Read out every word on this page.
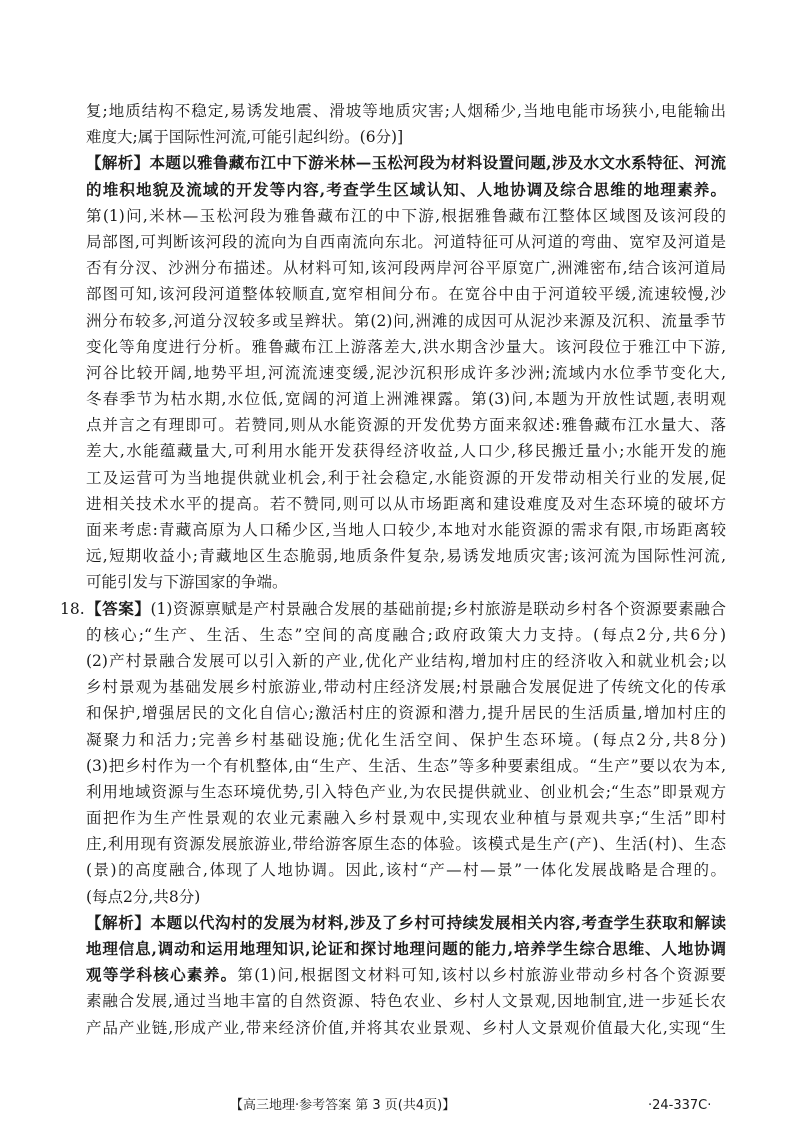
复;地质结构不稳定,易诱发地震、滑坡等地质灾害;人烟稀少,当地电能市场狭小,电能输出
难度大;属于国际性河流,可能引起纠纷。(6分)]
【解析】本题以雅鲁藏布江中下游米林—玉松河段为材料设置问题,涉及水文水系特征、河流
的堆积地貌及流域的开发等内容,考查学生区域认知、人地协调及综合思维的地理素养。
第(1)问,米林—玉松河段为雅鲁藏布江的中下游,根据雅鲁藏布江整体区域图及该河段的
局部图,可判断该河段的流向为自西南流向东北。河道特征可从河道的弯曲、宽窄及河道是
否有分汊、沙洲分布描述。从材料可知,该河段两岸河谷平原宽广,洲滩密布,结合该河道局
部图可知,该河段河道整体较顺直,宽窄相间分布。在宽谷中由于河道较平缓,流速较慢,沙
洲分布较多,河道分汊较多或呈辫状。第(2)问,洲滩的成因可从泥沙来源及沉积、流量季节
变化等角度进行分析。雅鲁藏布江上游落差大,洪水期含沙量大。该河段位于雅江中下游,
河谷比较开阔,地势平坦,河流流速变缓,泥沙沉积形成许多沙洲;流域内水位季节变化大,
冬春季节为枯水期,水位低,宽阔的河道上洲滩裸露。第(3)问,本题为开放性试题,表明观
点并言之有理即可。若赞同,则从水能资源的开发优势方面来叙述:雅鲁藏布江水量大、落
差大,水能蕴藏量大,可利用水能开发获得经济收益,人口少,移民搬迁量小;水能开发的施
工及运营可为当地提供就业机会,利于社会稳定,水能资源的开发带动相关行业的发展,促
进相关技术水平的提高。若不赞同,则可以从市场距离和建设难度及对生态环境的破坏方
面来考虑:青藏高原为人口稀少区,当地人口较少,本地对水能资源的需求有限,市场距离较
远,短期收益小;青藏地区生态脆弱,地质条件复杂,易诱发地质灾害;该河流为国际性河流,
可能引发与下游国家的争端。
18. 【答案】(1)资源禀赋是产村景融合发展的基础前提;乡村旅游是联动乡村各个资源要素融合
的核心;“生产、生活、生态”空间的高度融合;政府政策大力支持。(每点2分,共6分)
(2)产村景融合发展可以引入新的产业,优化产业结构,增加村庄的经济收入和就业机会;以
乡村景观为基础发展乡村旅游业,带动村庄经济发展;村景融合发展促进了传统文化的传承
和保护,增强居民的文化自信心;激活村庄的资源和潜力,提升居民的生活质量,增加村庄的
凝聚力和活力;完善乡村基础设施;优化生活空间、保护生态环境。(每点2分,共8分)
(3)把乡村作为一个有机整体,由“生产、生活、生态”等多种要素组成。“生产”要以农为本,
利用地域资源与生态环境优势,引入特色产业,为农民提供就业、创业机会;“生态”即景观方
面把作为生产性景观的农业元素融入乡村景观中,实现农业种植与景观共享;“生活”即村
庄,利用现有资源发展旅游业,带给游客原生态的体验。该模式是生产(产)、生活(村)、生态
(景)的高度融合,体现了人地协调。因此,该村“产—村—景”一体化发展战略是合理的。
(每点2分,共8分)
【解析】本题以代沟村的发展为材料,涉及了乡村可持续发展相关内容,考查学生获取和解读
地理信息,调动和运用地理知识,论证和探讨地理问题的能力,培养学生综合思维、人地协调
观等学科核心素养。第(1)问,根据图文材料可知,该村以乡村旅游业带动乡村各个资源要
素融合发展,通过当地丰富的自然资源、特色农业、乡村人文景观,因地制宜,进一步延长农
产品产业链,形成产业,带来经济价值,并将其农业景观、乡村人文景观价值最大化,实现“生
【高三地理·参考答案 第 3 页(共4页)】	·24-337C·
